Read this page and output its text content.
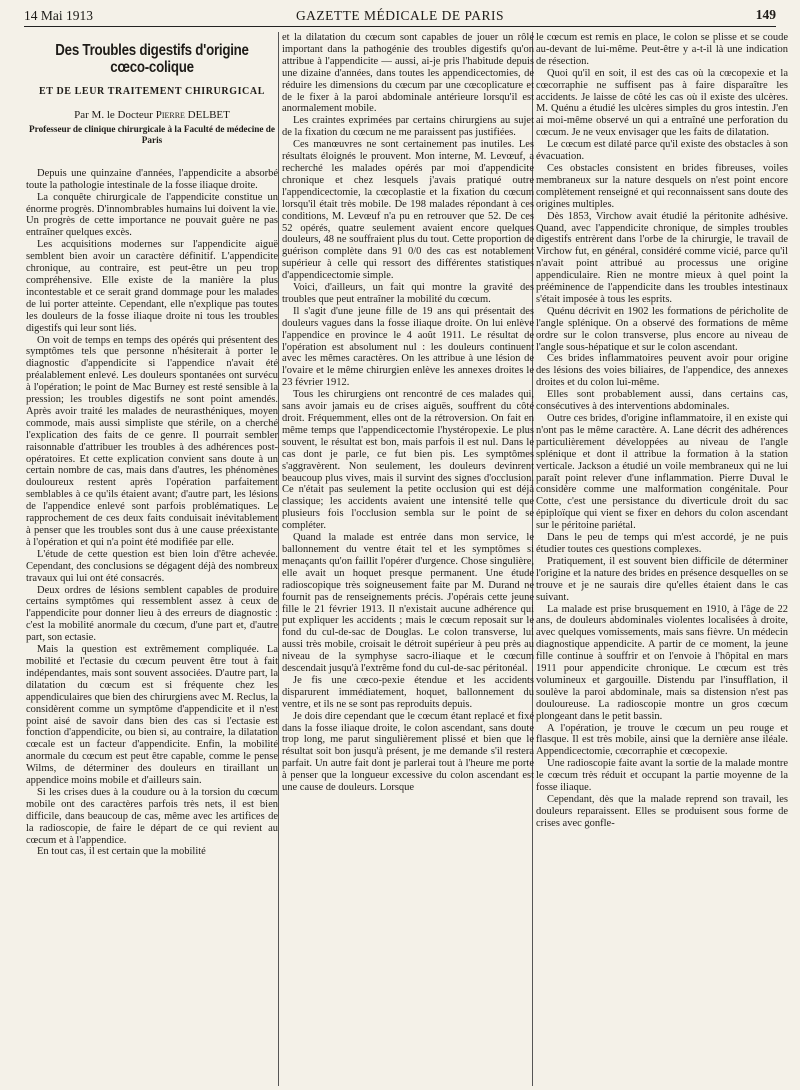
14 Mai 1913	GAZETTE MÉDICALE DE PARIS	149
Des Troubles digestifs d'origine cœco-colique
ET DE LEUR TRAITEMENT CHIRURGICAL
Par M. le Docteur Pierre DELBET
Professeur de clinique chirurgicale à la Faculté de médecine de Paris

Depuis une quinzaine d'années, l'appendicite a absorbé toute la pathologie intestinale de la fosse iliaque droite.

La conquête chirurgicale de l'appendicite constitue un énorme progrès. D'innombrables humains lui doivent la vie. Un progrès de cette importance ne pouvait guère ne pas entraîner quelques excès.

Les acquisitions modernes sur l'appendicite aiguë semblent bien avoir un caractère définitif. L'appendicite chronique, au contraire, est peut-être un peu trop compréhensive. Elle existe de la manière la plus incontestable et ce serait grand dommage pour les malades de lui porter atteinte. Cependant, elle n'explique pas toutes les douleurs de la fosse iliaque droite ni tous les troubles digestifs qui leur sont liés.

On voit de temps en temps des opérés qui présentent des symptômes tels que personne n'hésiterait à porter le diagnostic d'appendicite si l'appendice n'avait été préalablement enlevé. Les douleurs spontanées ont survécu à l'opération; le point de Mac Burney est resté sensible à la pression; les troubles digestifs ne sont point amendés. Après avoir traité les malades de neurasthéniques, moyen commode, mais aussi simpliste que stérile, on a cherché l'explication des faits de ce genre. Il pourrait sembler raisonnable d'attribuer les troubles à des adhérences post-opératoires. Et cette explication convient sans doute à un certain nombre de cas, mais dans d'autres, les phénomènes douloureux restent après l'opération parfaitement semblables à ce qu'ils étaient avant; d'autre part, les lésions de l'appendice enlevé sont parfois problématiques. Le rapprochement de ces deux faits conduisait inévitablement à penser que les troubles sont dus à une cause préexistante à l'opération et qui n'a point été modifiée par elle.

L'étude de cette question est bien loin d'être achevée. Cependant, des conclusions se dégagent déjà des nombreux travaux qui lui ont été consacrés.

Deux ordres de lésions semblent capables de produire certains symptômes qui ressemblent assez à ceux de l'appendicite pour donner lieu à des erreurs de diagnostic : c'est la mobilité anormale du cœcum, d'une part et, d'autre part, son ectasie.

Mais la question est extrêmement compliquée. La mobilité et l'ectasie du cœcum peuvent être tout à fait indépendantes, mais sont souvent associées. D'autre part, la dilatation du cœcum est si fréquente chez les appendiculaires que bien des chirurgiens avec M. Reclus, la considèrent comme un symptôme d'appendicite et il n'est point aisé de savoir dans bien des cas si l'ectasie est fonction d'appendicite, ou bien si, au contraire, la dilatation cœcale est un facteur d'appendicite. Enfin, la mobilité anormale du cœcum est peut être capable, comme le pense Wilms, de déterminer des douleurs en tiraillant un appendice moins mobile et d'ailleurs sain.

Si les crises dues à la coudure ou à la torsion du cœcum mobile ont des caractères parfois très nets, il est bien difficile, dans beaucoup de cas, même avec les artifices de la radioscopie, de faire le départ de ce qui revient au cœcum et à l'appendice.

En tout cas, il est certain que la mobilité

et la dilatation du cœcum sont capables de jouer un rôle important dans la pathogénie des troubles digestifs qu'on attribue à l'appendicite — aussi, ai-je pris l'habitude depuis une dizaine d'années, dans toutes les appendicectomies, de réduire les dimensions du cœcum par une cœcoplicature et de le fixer à la paroi abdominale antérieure lorsqu'il est anormalement mobile.

Les craintes exprimées par certains chirurgiens au sujet de la fixation du cœcum ne me paraissent pas justifiées.

Ces manœuvres ne sont certainement pas inutiles. Les résultats éloignés le prouvent. Mon interne, M. Levœuf, a recherché les malades opérés par moi d'appendicite chronique et chez lesquels j'avais pratiqué outre l'appendicectomie, la cœcoplastie et la fixation du cœcum lorsqu'il était très mobile. De 198 malades répondant à ces conditions, M. Levœuf n'a pu en retrouver que 52. De ces 52 opérés, quatre seulement avaient encore quelques douleurs, 48 ne souffraient plus du tout. Cette proportion de guérison complète dans 91 0/0 des cas est notablement supérieur à celle qui ressort des différentes statistiques d'appendicectomie simple.

Voici, d'ailleurs, un fait qui montre la gravité des troubles que peut entraîner la mobilité du cœcum.

Il s'agit d'une jeune fille de 19 ans qui présentait des douleurs vagues dans la fosse iliaque droite. On lui enlève l'appendice en province le 4 août 1911. Le résultat de l'opération est absolument nul : les douleurs continuent avec les mêmes caractères. On les attribue à une lésion de l'ovaire et le même chirurgien enlève les annexes droites le 23 février 1912.

Tous les chirurgiens ont rencontré de ces malades qui, sans avoir jamais eu de crises aiguës, souffrent du côté droit. Fréquemment, elles ont de la rétroversion. On fait en même temps que l'appendicectomie l'hystéropexie. Le plus souvent, le résultat est bon, mais parfois il est nul. Dans le cas dont je parle, ce fut bien pis. Les symptômes s'aggravèrent. Non seulement, les douleurs devinrent beaucoup plus vives, mais il survint des signes d'occlusion. Ce n'était pas seulement la petite occlusion qui est déjà classique; les accidents avaient une intensité telle que plusieurs fois l'occlusion sembla sur le point de se compléter.

Quand la malade est entrée dans mon service, le ballonnement du ventre était tel et les symptômes si menaçants qu'on faillit l'opérer d'urgence. Chose singulière, elle avait un hoquet presque permanent. Une étude radioscopique très soigneusement faite par M. Durand ne fournit pas de renseignements précis. J'opérais cette jeune fille le 21 février 1913. Il n'existait aucune adhérence qui put expliquer les accidents ; mais le cœcum reposait sur le fond du cul-de-sac de Douglas. Le colon transverse, lui aussi très mobile, croisait le détroit supérieur à peu près au niveau de la symphyse sacro-iliaque et le cœcum descendait jusqu'à l'extrême fond du cul-de-sac péritonéal.

Je fis une cœco-pexie étendue et les accidents disparurent immédiatement, hoquet, ballonnement du ventre, et ils ne se sont pas reproduits depuis.

Je dois dire cependant que le cœcum étant replacé et fixé dans la fosse iliaque droite, le colon ascendant, sans doute trop long, me parut singulièrement plissé et bien que le résultat soit bon jusqu'à présent, je me demande s'il restera parfait. Un autre fait dont je parlerai tout à l'heure me porte à penser que la longueur excessive du colon ascendant est une cause de douleurs. Lorsque

le cœcum est remis en place, le colon se plisse et se coude au-devant de lui-même. Peut-être y a-t-il là une indication de résection.

Quoi qu'il en soit, il est des cas où la cœcopexie et la cœcorraphie ne suffisent pas à faire disparaître les accidents. Je laisse de côté les cas où il existe des ulcères. M. Quénu a étudié les ulcères simples du gros intestin. J'en ai moi-même observé un qui a entraîné une perforation du cœcum. Je ne veux envisager que les faits de dilatation.

Le cœcum est dilaté parce qu'il existe des obstacles à son évacuation.

Ces obstacles consistent en brides fibreuses, voiles membraneux sur la nature desquels on n'est point encore complètement renseigné et qui reconnaissent sans doute des origines multiples.

Dès 1853, Virchow avait étudié la péritonite adhésive. Quand, avec l'appendicite chronique, de simples troubles digestifs entrèrent dans l'orbe de la chirurgie, le travail de Virchow fut, en général, considéré comme vicié, parce qu'il n'avait point attribué au processus une origine appendiculaire. Rien ne montre mieux à quel point la prééminence de l'appendicite dans les troubles intestinaux s'était imposée à tous les esprits.

Quénu décrivit en 1902 les formations de péricholite de l'angle splénique. On a observé des formations de même ordre sur le colon transverse, plus encore au niveau de l'angle sous-hépatique et sur le colon ascendant.

Ces brides inflammatoires peuvent avoir pour origine des lésions des voies biliaires, de l'appendice, des annexes droites et du colon lui-même.

Elles sont probablement aussi, dans certains cas, consécutives à des interventions abdominales.

Outre ces brides, d'origine inflammatoire, il en existe qui n'ont pas le même caractère. A. Lane décrit des adhérences particulièrement développées au niveau de l'angle splénique et dont il attribue la formation à la station verticale. Jackson a étudié un voile membraneux qui ne lui paraît point relever d'une inflammation. Pierre Duval le considère comme une malformation congénitale. Pour Cotte, c'est une persistance du diverticule droit du sac épiploïque qui vient se fixer en dehors du colon ascendant sur le péritoine pariétal.

Dans le peu de temps qui m'est accordé, je ne puis étudier toutes ces questions complexes.

Pratiquement, il est souvent bien difficile de déterminer l'origine et la nature des brides en présence desquelles on se trouve et je ne saurais dire qu'elles étaient dans le cas suivant.

La malade est prise brusquement en 1910, à l'âge de 22 ans, de douleurs abdominales violentes localisées à droite, avec quelques vomissements, mais sans fièvre. Un médecin diagnostique appendicite. A partir de ce moment, la jeune fille continue à souffrir et on l'envoie à l'hôpital en mars 1911 pour appendicite chronique. Le cœcum est très volumineux et gargouille. Distendu par l'insufflation, il soulève la paroi abdominale, mais sa distension n'est pas douloureuse. La radioscopie montre un gros cœcum plongeant dans le petit bassin.

A l'opération, je trouve le cœcum un peu rouge et flasque. Il est très mobile, ainsi que la dernière anse iléale. Appendicectomie, cœcorraphie et cœcopexie.

Une radioscopie faite avant la sortie de la malade montre le cœcum très réduit et occupant la partie moyenne de la fosse iliaque.

Cependant, dès que la malade reprend son travail, les douleurs reparaissent. Elles se produisent sous forme de crises avec gonfle-
